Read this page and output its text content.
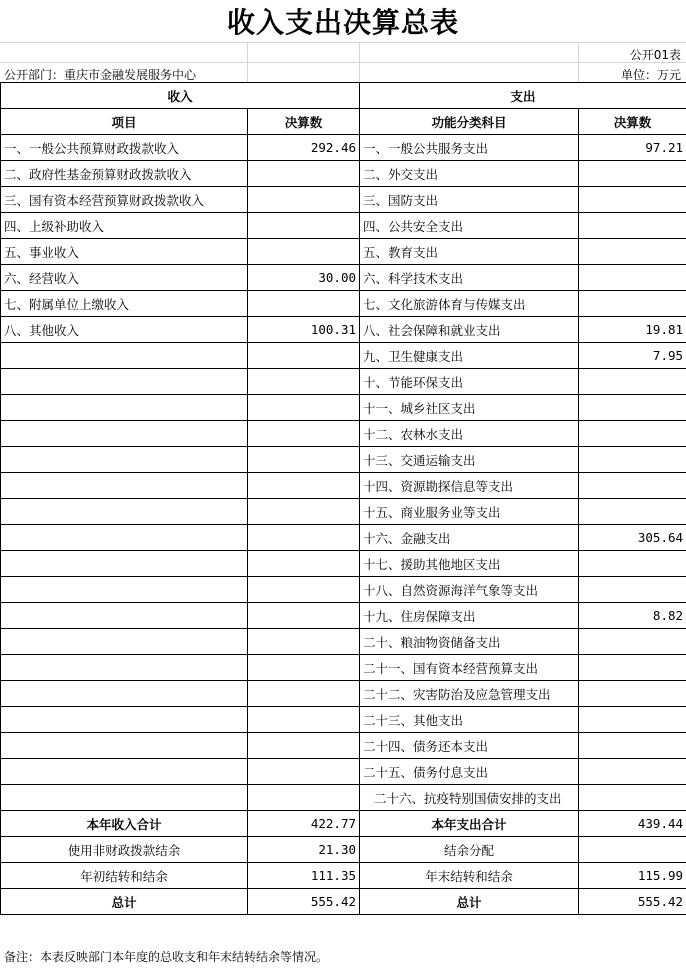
收入支出决算总表
公开01表
公开部门：重庆市金融发展服务中心	单位：万元
收入		支出	
项目	决算数	功能分类科目	决算数
一、一般公共预算财政拨款收入	292.46	一、一般公共服务支出	97.21
二、政府性基金预算财政拨款收入		二、外交支出	
三、国有资本经营预算财政拨款收入		三、国防支出	
四、上级补助收入		四、公共安全支出	
五、事业收入		五、教育支出	
六、经营收入	30.00	六、科学技术支出	
七、附属单位上缴收入		七、文化旅游体育与传媒支出	
八、其他收入	100.31	八、社会保障和就业支出	19.81
		九、卫生健康支出	7.95
		十、节能环保支出	
		十一、城乡社区支出	
		十二、农林水支出	
		十三、交通运输支出	
		十四、资源勘探信息等支出	
		十五、商业服务业等支出	
		十六、金融支出	305.64
		十七、援助其他地区支出	
		十八、自然资源海洋气象等支出	
		十九、住房保障支出	8.82
		二十、粮油物资储备支出	
		二十一、国有资本经营预算支出	
		二十二、灾害防治及应急管理支出	
		二十三、其他支出	
		二十四、债务还本支出	
		二十五、债务付息支出	
		二十六、抗疫特别国债安排的支出	
本年收入合计	422.77	本年支出合计	439.44
使用非财政拨款结余	21.30	结余分配	
年初结转和结余	111.35	年末结转和结余	115.99
总计	555.42	总计	555.42
备注：本表反映部门本年度的总收支和年末结转结余等情况。
